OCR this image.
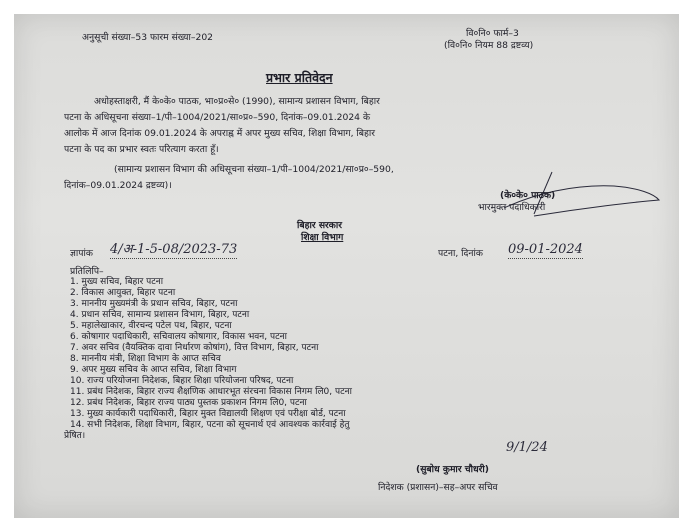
अनुसूची संख्या–53 फारम संख्या–202	वि०नि० फार्म–3
(वि०नि० नियम 88 द्रष्टव्य)
प्रभार प्रतिवेदन
अधोहस्ताक्षरी, मैं के०के० पाठक, भा०प्र०से० (1990), सामान्य प्रशासन विभाग, बिहार
पटना के अधिसूचना संख्या–1/पी–1004/2021/सा०प्र०–590, दिनांक–09.01.2024 के
आलोक में आज दिनांक 09.01.2024 के अपराह्न में अपर मुख्य सचिव, शिक्षा विभाग, बिहार
पटना के पद का प्रभार स्वतः परित्याग करता हूँ।
(सामान्य प्रशासन विभाग की अधिसूचना संख्या–1/पी–1004/2021/सा०प्र०–590,
दिनांक–09.01.2024 द्रष्टव्य)।
(के०के० पाठक)
भारमुक्त पदाधिकारी
बिहार सरकार
शिक्षा विभाग
ज्ञापांक 4/अ-1-5-08/2023-73	पटना, दिनांक 09-01-2024
प्रतिलिपि–
1. मुख्य सचिव, बिहार पटना
2. विकास आयुक्त, बिहार पटना
3. माननीय मुख्यमंत्री के प्रधान सचिव, बिहार, पटना
4. प्रधान सचिव, सामान्य प्रशासन विभाग, बिहार, पटना
5. महालेखाकार, वीरचन्द पटेल पथ, बिहार, पटना
6. कोषागार पदाधिकारी, सचिवालय कोषागार, विकास भवन, पटना
7. अवर सचिव (वैयक्तिक दावा निर्धारण कोषांग), वित्त विभाग, बिहार, पटना
8. माननीय मंत्री, शिक्षा विभाग के आप्त सचिव
9. अपर मुख्य सचिव के आप्त सचिव, शिक्षा विभाग
10. राज्य परियोजना निदेशक, बिहार शिक्षा परियोजना परिषद, पटना
11. प्रबंध निदेशक, बिहार राज्य शैक्षणिक आधारभूत संरचना विकास निगम लि0, पटना
12. प्रबंध निदेशक, बिहार राज्य पाठ्य पुस्तक प्रकाशन निगम लि0, पटना
13. मुख्य कार्यकारी पदाधिकारी, बिहार मुक्त विद्यालयी शिक्षण एवं परीक्षा बोर्ड, पटना
14. सभी निदेशक, शिक्षा विभाग, बिहार, पटना को सूचनार्थ एवं आवश्यक कार्रवाई हेतु
प्रेषित।
9/1/24
(सुबोध कुमार चौधरी)
निदेशक (प्रशासन)–सह–अपर सचिव
